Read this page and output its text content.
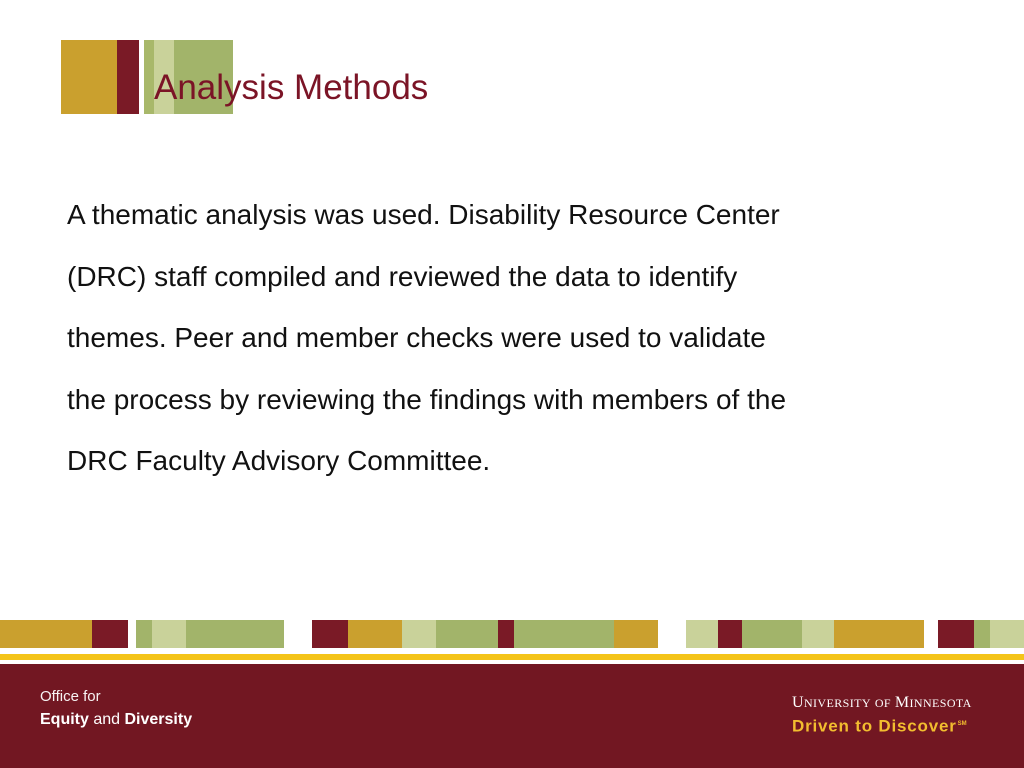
Analysis Methods

A thematic analysis was used. Disability Resource Center
(DRC) staff compiled and reviewed the data to identify
themes. Peer and member checks were used to validate
the process by reviewing the findings with members of the
DRC Faculty Advisory Committee.

Office for
Equity and Diversity
UNIVERSITY OF MINNESOTA
Driven to Discover℠
